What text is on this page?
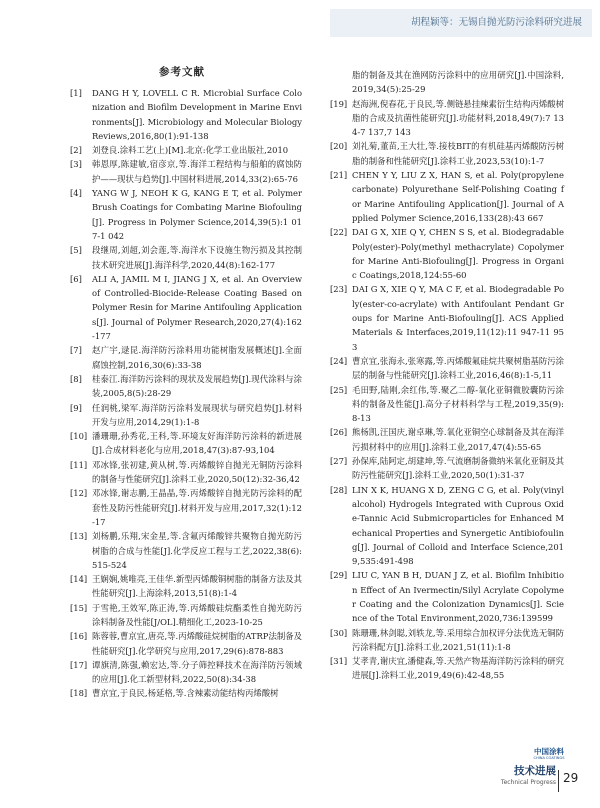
胡程颖等：无锡自抛光防污涂料研究进展
参考文献
[1] DANG H Y, LOVELL C R. Microbial Surface Colonization and Biofilm Development in Marine Environments[J]. Microbiology and Molecular Biology Reviews,2016,80(1):91-138
[2] 刘登良.涂料工艺(上)[M].北京:化学工业出版社,2010
[3] 韩恩厚,陈建敏,宿彦京,等.海洋工程结构与船舶的腐蚀防护——现状与趋势[J].中国材料进展,2014,33(2):65-76
[4] YANG W J, NEOH K G, KANG E T, et al. Polymer Brush Coatings for Combating Marine Biofouling[J]. Progress in Polymer Science,2014,39(5):1 017-1 042
[5] 段继周,刘超,刘会莲,等.海洋水下设施生物污损及其控制技术研究进展[J].海洋科学,2020,44(8):162-177
[6] ALI A, JAMIL M I, JIANG J X, et al. An Overview of Controlled-Biocide-Release Coating Based on Polymer Resin for Marine Antifouling Applications[J]. Journal of Polymer Research,2020,27(4):162-177
[7] 赵广宇,逯昆.海洋防污涂料用功能树脂发展概述[J].全面腐蚀控制,2016,30(6):33-38
[8] 桂泰江.海洋防污涂料的现状及发展趋势[J].现代涂料与涂装,2005,8(5):28-29
[9] 任润桃,梁军.海洋防污涂料发展现状与研究趋势[J].材料开发与应用,2014,29(1):1-8
[10] 潘珊珊,孙秀花,王科,等.环境友好海洋防污涂料的新进展[J].合成材料老化与应用,2018,47(3):87-93,104
[11] 邓冰锋,张初建,黄从树,等.丙烯酸锌自抛光无铜防污涂料的制备与性能研究[J].涂料工业,2020,50(12):32-36,42
[12] 邓冰锋,谢志鹏,王晶晶,等.丙烯酸锌自抛光防污涂料的配套性及防污性能研究[J].材料开发与应用,2017,32(1):12-17
[13] 刘杨鹏,乐翔,宋金星,等.含氟丙烯酸锌共聚物自抛光防污树脂的合成与性能[J].化学反应工程与工艺,2022,38(6):515-524
[14] 王娴娴,姚唯亮,王佳华.新型丙烯酸铜树脂的制备方法及其性能研究[J].上海涂料,2013,51(8):1-4
[15] 于雪艳,王效军,陈正涛,等.丙烯酸硅烷酯柔性自抛光防污涂料制备及性能[J/OL].精细化工,2023-10-25
[16] 陈蓉蓉,曹京宜,唐亮,等.丙烯酸硅烷树脂的ATRP法制备及性能研究[J].化学研究与应用,2017,29(6):878-883
[17] 谭旗清,陈强,赖宏达,等.分子筛控释技术在海洋防污领域的应用[J].化工新型材料,2022,50(8):34-38
[18] 曹京宜,于良民,杨延格,等.含辣素动能结构丙烯酸树
脂的制备及其在渔网防污涂料中的应用研究[J].中国涂料,2019,34(5):25-29
[19] 赵海洲,倪春花,于良民,等.侧链悬挂辣素衍生结构丙烯酸树脂的合成及抗菌性能研究[J].功能材料,2018,49(7):7 134-7 137,7 143
[20] 刘礼菊,董苗,王大壮,等.接枝BIT的有机硅基丙烯酸防污树脂的制备和性能研究[J].涂料工业,2023,53(10):1-7
[21] CHEN Y Y, LIU Z X, HAN S, et al. Poly(propylene carbonate) Polyurethane Self-Polishing Coating for Marine Antifouling Application[J]. Journal of Applied Polymer Science,2016,133(28):43 667
[22] DAI G X, XIE Q Y, CHEN S S, et al. Biodegradable Poly(ester)-Poly(methyl methacrylate) Copolymer for Marine Anti-Biofouling[J]. Progress in Organic Coatings,2018,124:55-60
[23] DAI G X, XIE Q Y, MA C F, et al. Biodegradable Poly(ester-co-acrylate) with Antifoulant Pendant Groups for Marine Anti-Biofouling[J]. ACS Applied Materials & Interfaces,2019,11(12):11 947-11 953
[24] 曹京宜,张海永,张寒露,等.丙烯酸氟硅烷共聚树脂基防污涂层的制备与性能研究[J].涂料工业,2016,46(8):1-5,11
[25] 毛田野,陆刚,余红伟,等.聚乙二醇-氧化亚铜微胶囊防污涂料的制备及性能[J].高分子材料科学与工程,2019,35(9):8-13
[26] 熊杨凯,汪国庆,谢卓琳,等.氧化亚铜空心球制备及其在海洋污损材料中的应用[J].涂料工业,2017,47(4):55-65
[27] 孙保库,陆阿定,胡建坤,等.气流磨制备微纳米氧化亚铜及其防污性能研究[J].涂料工业,2020,50(1):31-37
[28] LIN X K, HUANG X D, ZENG C G, et al. Poly(vinyl alcohol) Hydrogels Integrated with Cuprous Oxide-Tannic Acid Submicroparticles for Enhanced Mechanical Properties and Synergetic Antibiofouling[J]. Journal of Colloid and Interface Science,2019,535:491-498
[29] LIU C, YAN B H, DUAN J Z, et al. Biofilm Inhibition Effect of An Ivermectin/Silyl Acrylate Copolymer Coating and the Colonization Dynamics[J]. Science of the Total Environment,2020,736:139599
[30] 陈珊珊,林剑聪,刘轶龙,等.采用综合加权评分法优选无铜防污涂料配方[J].涂料工业,2021,51(11):1-8
[31] 艾孝青,谢庆宜,潘健森,等.天然产物基海洋防污涂料的研究进展[J].涂料工业,2019,49(6):42-48,55
中国涂料
CHINA COATINGS
技术进展
Technical Progress 29
